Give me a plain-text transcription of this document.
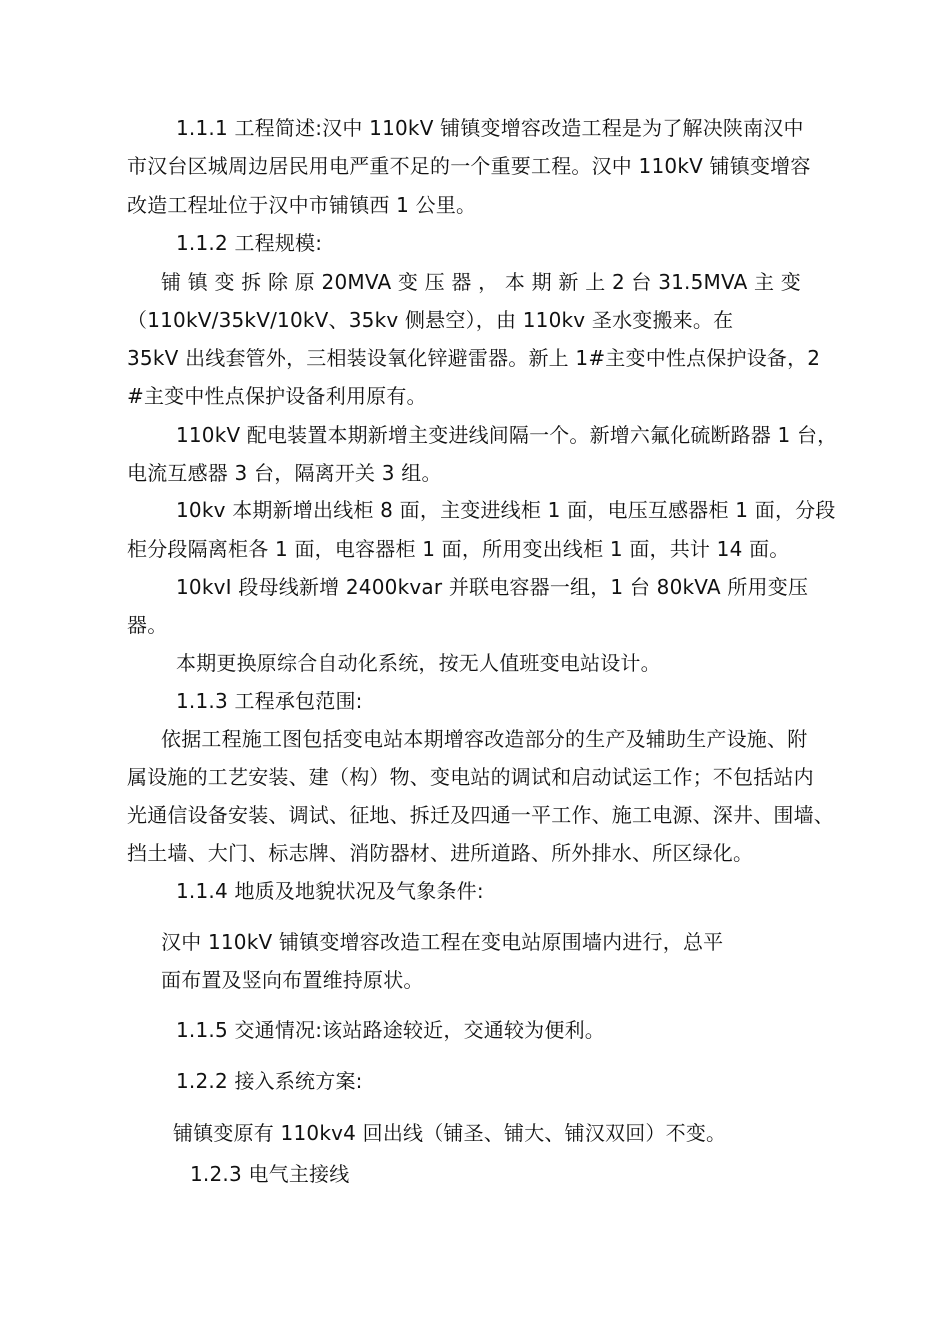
1.1.1 工程简述:汉中 110kV 铺镇变增容改造工程是为了解决陕南汉中
市汉台区城周边居民用电严重不足的一个重要工程。汉中 110kV 铺镇变增容
改造工程址位于汉中市铺镇西 1 公里。
1.1.2 工程规模:
铺 镇 变 拆 除 原 20MVA 变 压 器 ， 本 期 新 上 2 台 31.5MVA 主 变
（110kV/35kV/10kV、35kv 侧悬空），由 110kv 圣水变搬来。在
35kV 出线套管外，三相装设氧化锌避雷器。新上 1#主变中性点保护设备，2
#主变中性点保护设备利用原有。
110kV 配电装置本期新增主变进线间隔一个。新增六氟化硫断路器 1 台，
电流互感器 3 台，隔离开关 3 组。
10kv 本期新增出线柜 8 面，主变进线柜 1 面，电压互感器柜 1 面，分段
柜分段隔离柜各 1 面，电容器柜 1 面，所用变出线柜 1 面，共计 14 面。
10kvI 段母线新增 2400kvar 并联电容器一组，1 台 80kVA 所用变压
器。
本期更换原综合自动化系统，按无人值班变电站设计。
1.1.3 工程承包范围:
依据工程施工图包括变电站本期增容改造部分的生产及辅助生产设施、附
属设施的工艺安装、建（构）物、变电站的调试和启动试运工作；不包括站内
光通信设备安装、调试、征地、拆迁及四通一平工作、施工电源、深井、围墙、
挡土墙、大门、标志牌、消防器材、进所道路、所外排水、所区绿化。
1.1.4 地质及地貌状况及气象条件:
汉中 110kV 铺镇变增容改造工程在变电站原围墙内进行，总平
面布置及竖向布置维持原状。
1.1.5 交通情况:该站路途较近，交通较为便利。
1.2.2 接入系统方案:
铺镇变原有 110kv4 回出线（铺圣、铺大、铺汉双回）不变。
1.2.3 电气主接线
